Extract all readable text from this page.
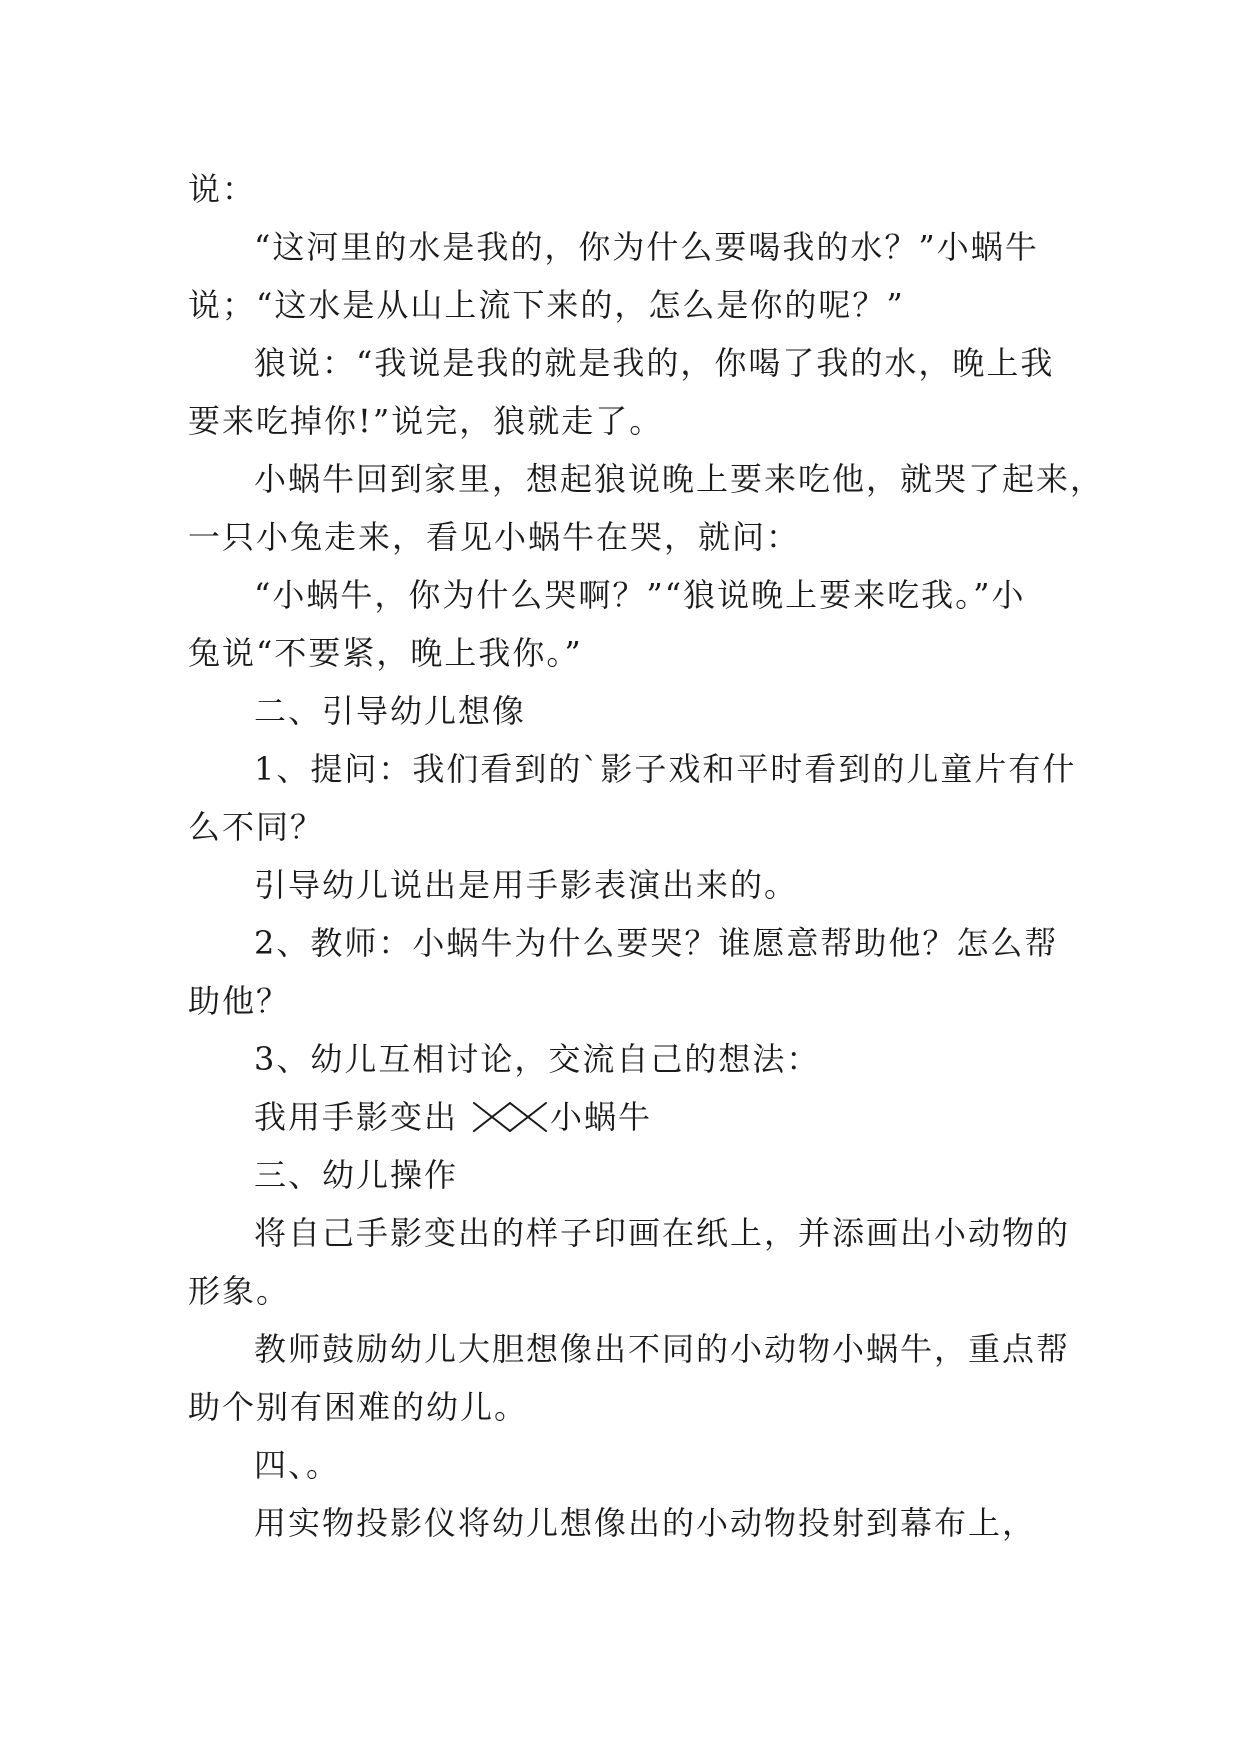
说：
“这河里的水是我的，你为什么要喝我的水？”小蜗牛
说；“这水是从山上流下来的，怎么是你的呢？”
狼说：“我说是我的就是我的，你喝了我的水，晚上我
要来吃掉你!”说完，狼就走了。
小蜗牛回到家里，想起狼说晚上要来吃他，就哭了起来，
一只小兔走来，看见小蜗牛在哭，就问：
“小蜗牛，你为什么哭啊？”“狼说晚上要来吃我。”小
兔说“不要紧，晚上我你。”
二、引导幼儿想像
1、提问：我们看到的`影子戏和平时看到的儿童片有什
么不同？
引导幼儿说出是用手影表演出来的。
2、教师：小蜗牛为什么要哭？谁愿意帮助他？怎么帮
助他？
3、幼儿互相讨论，交流自己的想法：
我用手影变出	小蜗牛
三、幼儿操作
将自己手影变出的样子印画在纸上，并添画出小动物的
形象。
教师鼓励幼儿大胆想像出不同的小动物小蜗牛，重点帮
助个别有困难的幼儿。
四、。
用实物投影仪将幼儿想像出的小动物投射到幕布上，
